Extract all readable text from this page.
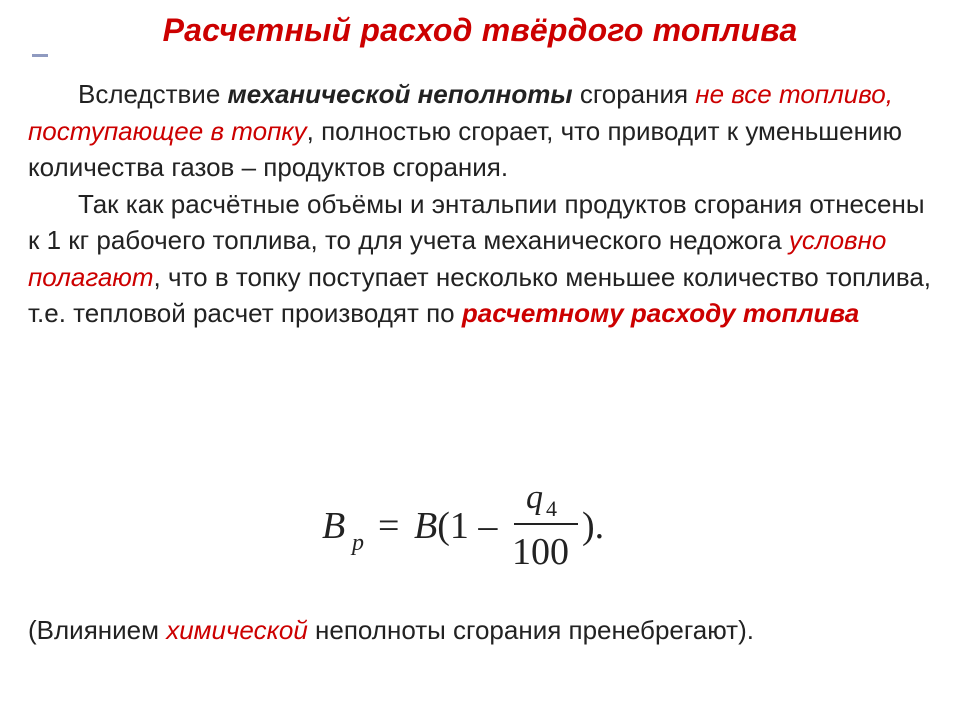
Расчетный расход твёрдого топлива

Вследствие механической неполноты сгорания не все топливо, поступающее в топку, полностью сгорает, что приводит к уменьшению количества газов – продуктов сгорания.

Так как расчётные объёмы и энтальпии продуктов сгорания отнесены к 1 кг рабочего топлива, то для учета механического недожога условно полагают, что в топку поступает несколько меньшее количество топлива,

т.е. тепловой расчет производят по расчетному расходу топлива

B p = B(1 –
q 4
100
).
(Влиянием химической неполноты сгорания пренебрегают).
